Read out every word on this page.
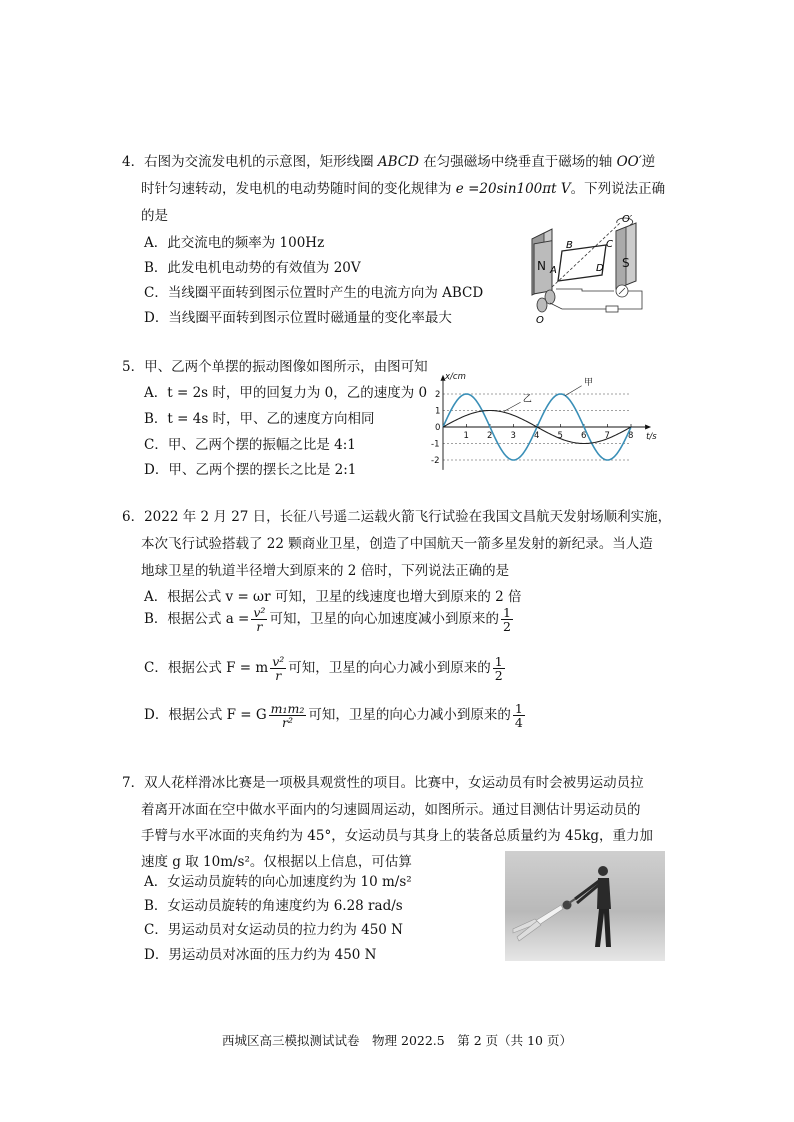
4．右图为交流发电机的示意图，矩形线圈 ABCD 在匀强磁场中绕垂直于磁场的轴 OO′逆
时针匀速转动，发电机的电动势随时间的变化规律为 e =20sin100πt V。下列说法正确
的是
A．此交流电的频率为 100Hz
B．此发电机电动势的有效值为 20V
C．当线圈平面转到图示位置时产生的电流方向为 ABCD
D．当线圈平面转到图示位置时磁通量的变化率最大
N	S
B	C
A	D
O′
O
5．甲、乙两个单摆的振动图像如图所示，由图可知
A．t = 2s 时，甲的回复力为 0，乙的速度为 0
B．t = 4s 时，甲、乙的速度方向相同
C．甲、乙两个摆的振幅之比是 4:1
D．甲、乙两个摆的摆长之比是 2:1
1 2 3 4 5 6 7 8
2
1
0
-1
-2
t/s
x/cm
甲
乙
6．2022 年 2 月 27 日，长征八号遥二运载火箭飞行试验在我国文昌航天发射场顺利实施，
本次飞行试验搭载了 22 颗商业卫星，创造了中国航天一箭多星发射的新纪录。当人造
地球卫星的轨道半径增大到原来的 2 倍时，下列说法正确的是
A．根据公式 v = ωr 可知，卫星的线速度也增大到原来的 2 倍
B．根据公式 $a = \frac{\text{v²}}{r}$ 可知，卫星的向心加速度减小到原来的 $\frac{1}{2}$
C．根据公式 F = m $\frac{\text{v²}}{r}$ 可知，卫星的向心力减小到原来的 $\frac{1}{2}$
D．根据公式 F = G $\frac{\text{m₁m₂}}{\text{r²}}$ 可知，卫星的向心力减小到原来的 $\frac{1}{4}$
7．双人花样滑冰比赛是一项极具观赏性的项目。比赛中，女运动员有时会被男运动员拉
着离开冰面在空中做水平面内的匀速圆周运动，如图所示。通过目测估计男运动员的
手臂与水平冰面的夹角约为 45°，女运动员与其身上的装备总质量约为 45kg，重力加
速度 g 取 10m/s²。仅根据以上信息，可估算
A．女运动员旋转的向心加速度约为 10 m/s²
B．女运动员旋转的角速度约为 6.28 rad/s
C．男运动员对女运动员的拉力约为 450 N
D．男运动员对冰面的压力约为 450 N
西城区高三模拟测试试卷　物理 2022.5　第 2 页（共 10 页）
